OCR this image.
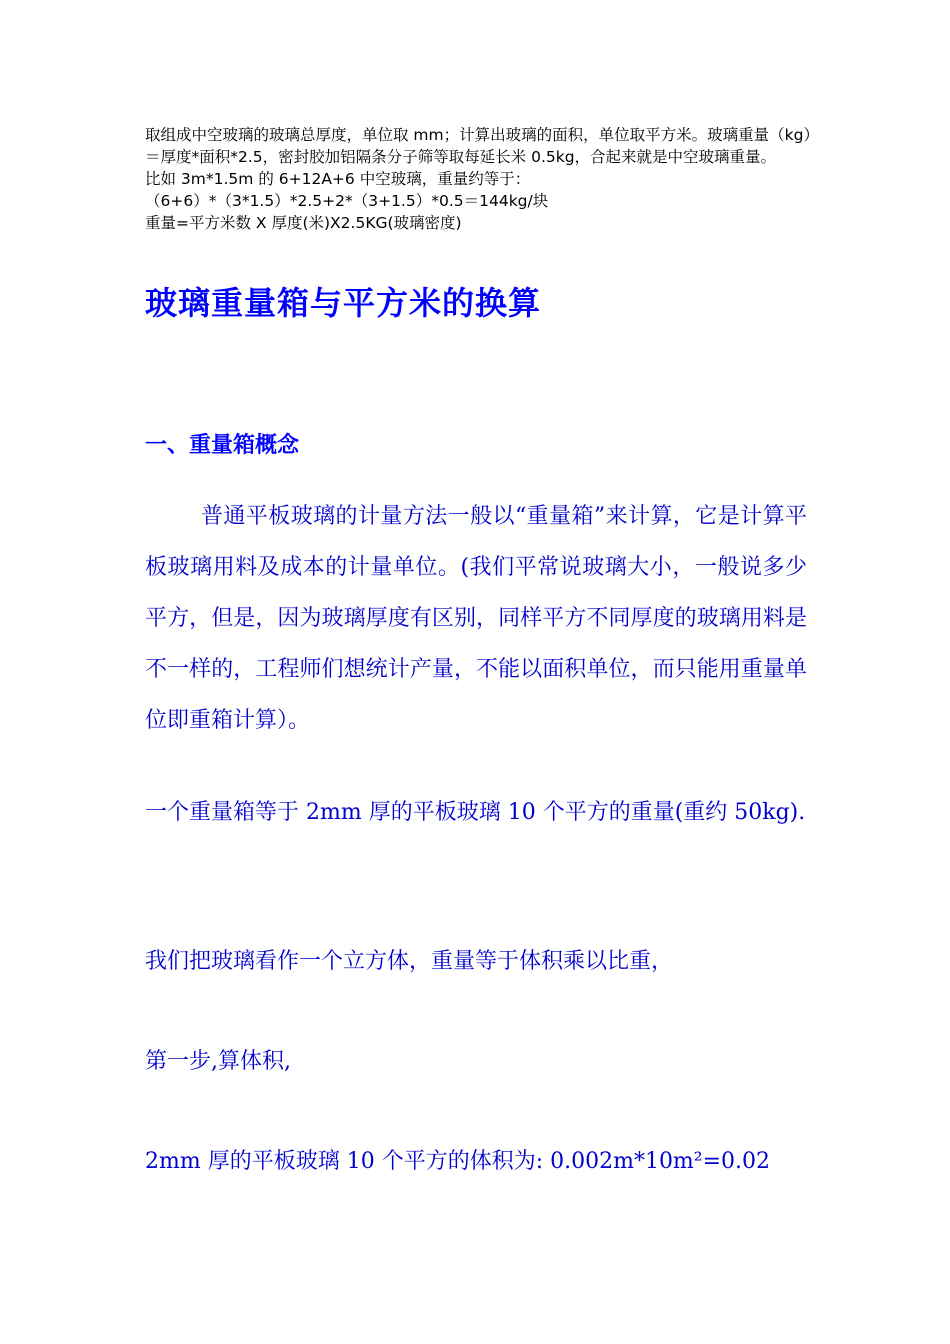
取组成中空玻璃的玻璃总厚度，单位取 mm；计算出玻璃的面积，单位取平方米。玻璃重量（kg）＝厚度*面积*2.5，密封胶加铝隔条分子筛等取每延长米 0.5kg，合起来就是中空玻璃重量。

比如 3m*1.5m 的 6+12A+6 中空玻璃，重量约等于：

（6+6）*（3*1.5）*2.5+2*（3+1.5）*0.5＝144kg/块

重量=平方米数 X 厚度(米)X2.5KG(玻璃密度)

玻璃重量箱与平方米的换算
一、重量箱概念

普通平板玻璃的计量方法一般以“重量箱”来计算，它是计算平板玻璃用料及成本的计量单位。(我们平常说玻璃大小，一般说多少平方，但是，因为玻璃厚度有区别，同样平方不同厚度的玻璃用料是不一样的，工程师们想统计产量，不能以面积单位，而只能用重量单位即重箱计算）。

一个重量箱等于 2mm 厚的平板玻璃 10 个平方的重量(重约 50kg).

我们把玻璃看作一个立方体，重量等于体积乘以比重，

第一步,算体积,

2mm 厚的平板玻璃 10 个平方的体积为: 0.002m*10m²=0.02
